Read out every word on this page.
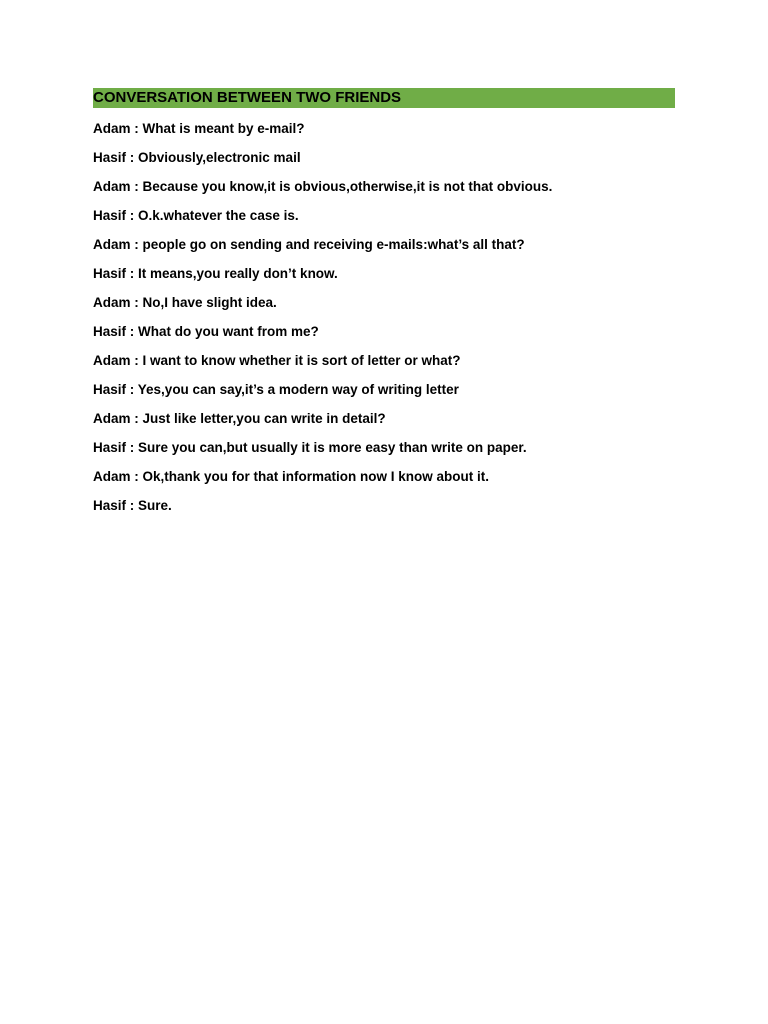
CONVERSATION BETWEEN TWO FRIENDS
Adam : What is meant by e-mail?
Hasif : Obviously,electronic mail
Adam : Because you know,it is obvious,otherwise,it is not that obvious.
Hasif : O.k.whatever the case is.
Adam : people go on sending and receiving e-mails:what’s all that?
Hasif : It means,you really don’t know.
Adam : No,I have slight idea.
Hasif : What do you want from me?
Adam : I want to know whether it is sort of letter or what?
Hasif : Yes,you can say,it’s a modern way of writing letter
Adam : Just like letter,you can write in detail?
Hasif : Sure you can,but usually it is more easy than write on paper.
Adam : Ok,thank you for that information now I know about it.
Hasif : Sure.
